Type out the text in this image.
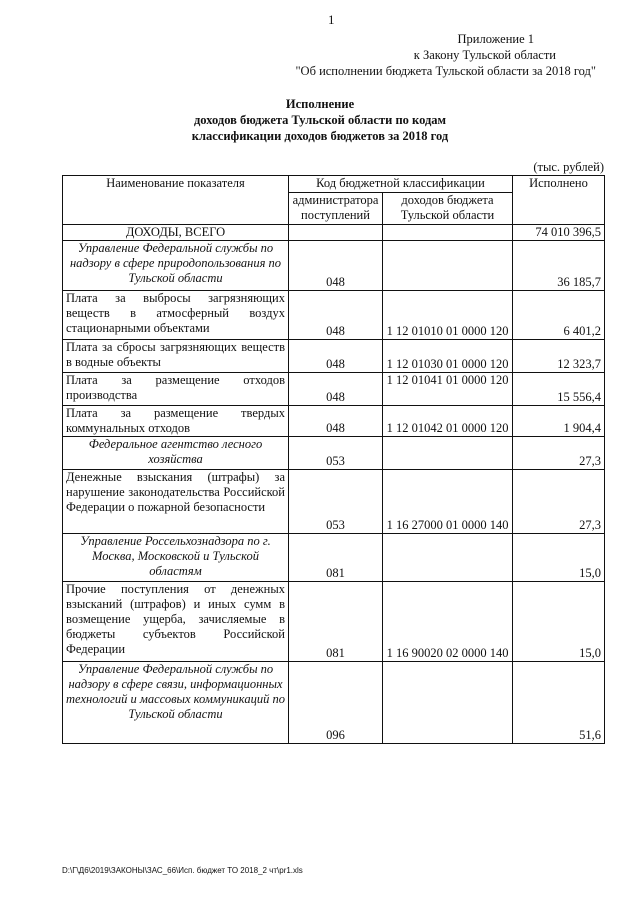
1
Приложение 1
к Закону Тульской области
"Об исполнении бюджета Тульской области за 2018 год"
Исполнение
доходов бюджета Тульской области по кодам
классификации доходов бюджетов за 2018 год
(тыс. рублей)
Наименование показателя	Код бюджетной классификации		Исполнено
	администратора поступлений	доходов бюджета Тульской области	
ДОХОДЫ, ВСЕГО			74 010 396,5
Управление Федеральной службы по надзору в сфере природопользования по Тульской области	048		36 185,7
Плата за выбросы загрязняющих веществ в атмосферный воздух стационарными объектами	048	1 12 01010 01 0000 120	6 401,2
Плата за сбросы загрязняющих веществ в водные объекты	048	1 12 01030 01 0000 120	12 323,7
Плата за размещение отходов производства	048	1 12 01041 01 0000 120	15 556,4
Плата за размещение твердых коммунальных отходов	048	1 12 01042 01 0000 120	1 904,4
Федеральное агентство лесного хозяйства	053		27,3
Денежные взыскания (штрафы) за нарушение законодательства Российской Федерации о пожарной безопасности	053	1 16 27000 01 0000 140	27,3
Управление Россельхознадзора по г. Москва, Московской и Тульской областям	081		15,0
Прочие поступления от денежных взысканий (штрафов) и иных сумм в возмещение ущерба, зачисляемые в бюджеты субъектов Российской Федерации	081	1 16 90020 02 0000 140	15,0
Управление Федеральной службы по надзору в сфере связи, информационных технологий и массовых коммуникаций по Тульской области	096		51,6
D:\Г\Д6\2019\ЗАКОНЫ\ЗАС_66\Исп. бюджет ТО 2018_2 чт\pr1.xls
